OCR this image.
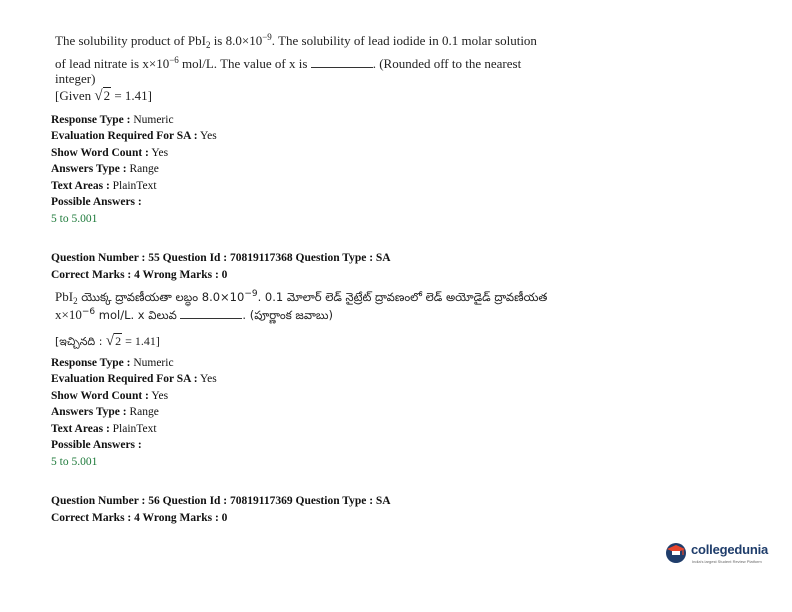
The solubility product of PbI$_2$ is $8.0\times 10^{-9}$. The solubility of lead iodide in 0.1 molar solution
of lead nitrate is $x\times 10^{-6}$ mol/L. The value of x is	. (Rounded off to the nearest
integer)
[Given √2 = 1.41]
Response Type : Numeric
Evaluation Required For SA : Yes
Show Word Count : Yes
Answers Type : Range
Text Areas : PlainText
Possible Answers :
5 to 5.001
Question Number : 55 Question Id : 70819117368 Question Type : SA
Correct Marks : 4 Wrong Marks : 0
PbI$_2$ యొక్క ద్రావణీయతా లబ్ధం $8.0\times 10^{-9}$. 0.1 మోలార్ లెడ్ నైట్రేట్ ద్రావణంలో లెడ్ అయోడైడ్ ద్రావణీయత
$x\times 10^{-6}$ mol/L. x విలువ	. (పూర్ణాంక జవాబు)
[ఇచ్చినది : √2 = 1.41]
Response Type : Numeric
Evaluation Required For SA : Yes
Show Word Count : Yes
Answers Type : Range
Text Areas : PlainText
Possible Answers :
5 to 5.001
Question Number : 56 Question Id : 70819117369 Question Type : SA
Correct Marks : 4 Wrong Marks : 0
collegedunia
India's largest Student Review Platform
